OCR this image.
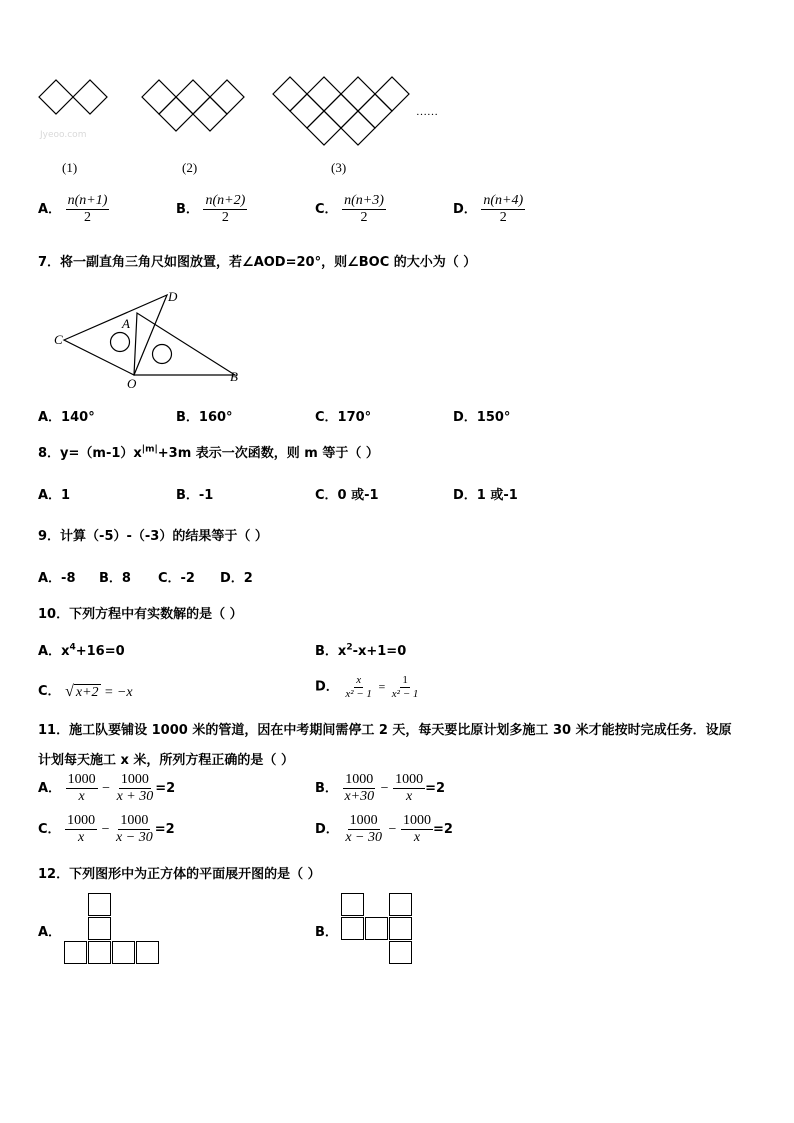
……
Jyeoo.com
(1)	(2)	(3)
A． $\frac{n(n+1)}{2}$	B． $\frac{n(n+2)}{2}$	C． $\frac{n(n+3)}{2}$	D． $\frac{n(n+4)}{2}$
7．将一副直角三角尺如图放置，若∠AOD=20°，则∠BOC 的大小为（ ）
D
A
C
O	B
A．140°	B．160°	C．170°	D．150°
8．$y=(m-1)x^{|m|}+3m$ 表示一次函数，则 m 等于（ ）
A．1	B．-1	C．0 或-1	D．1 或-1
9．计算（-5）-（-3）的结果等于（ ）
A．-8 B．8 C．-2 D．2
10．下列方程中有实数解的是（ ）
A．$x^4+16=0$	B．$x^2-x+1=0$
C． √ x+2 = −x	D． $\frac{x}{\text{x² − 1}} = \frac{1}{\text{x² − 1}}$
11．施工队要铺设 1000 米的管道，因在中考期间需停工 2 天，每天要比原计划多施工 30 米才能按时完成任务．设原
计划每天施工 x 米，所列方程正确的是（ ）
A． $\frac{1000}{x} - \frac{1000}{x + 30} =2$	B． $\frac{1000}{x+30} - \frac{1000}{x} =2$
C． $\frac{1000}{x} - \frac{1000}{x - 30} =2$	D． $\frac{1000}{x - 30} - \frac{1000}{x} =2$
12．下列图形中为正方体的平面展开图的是（ ）
A．	B．
